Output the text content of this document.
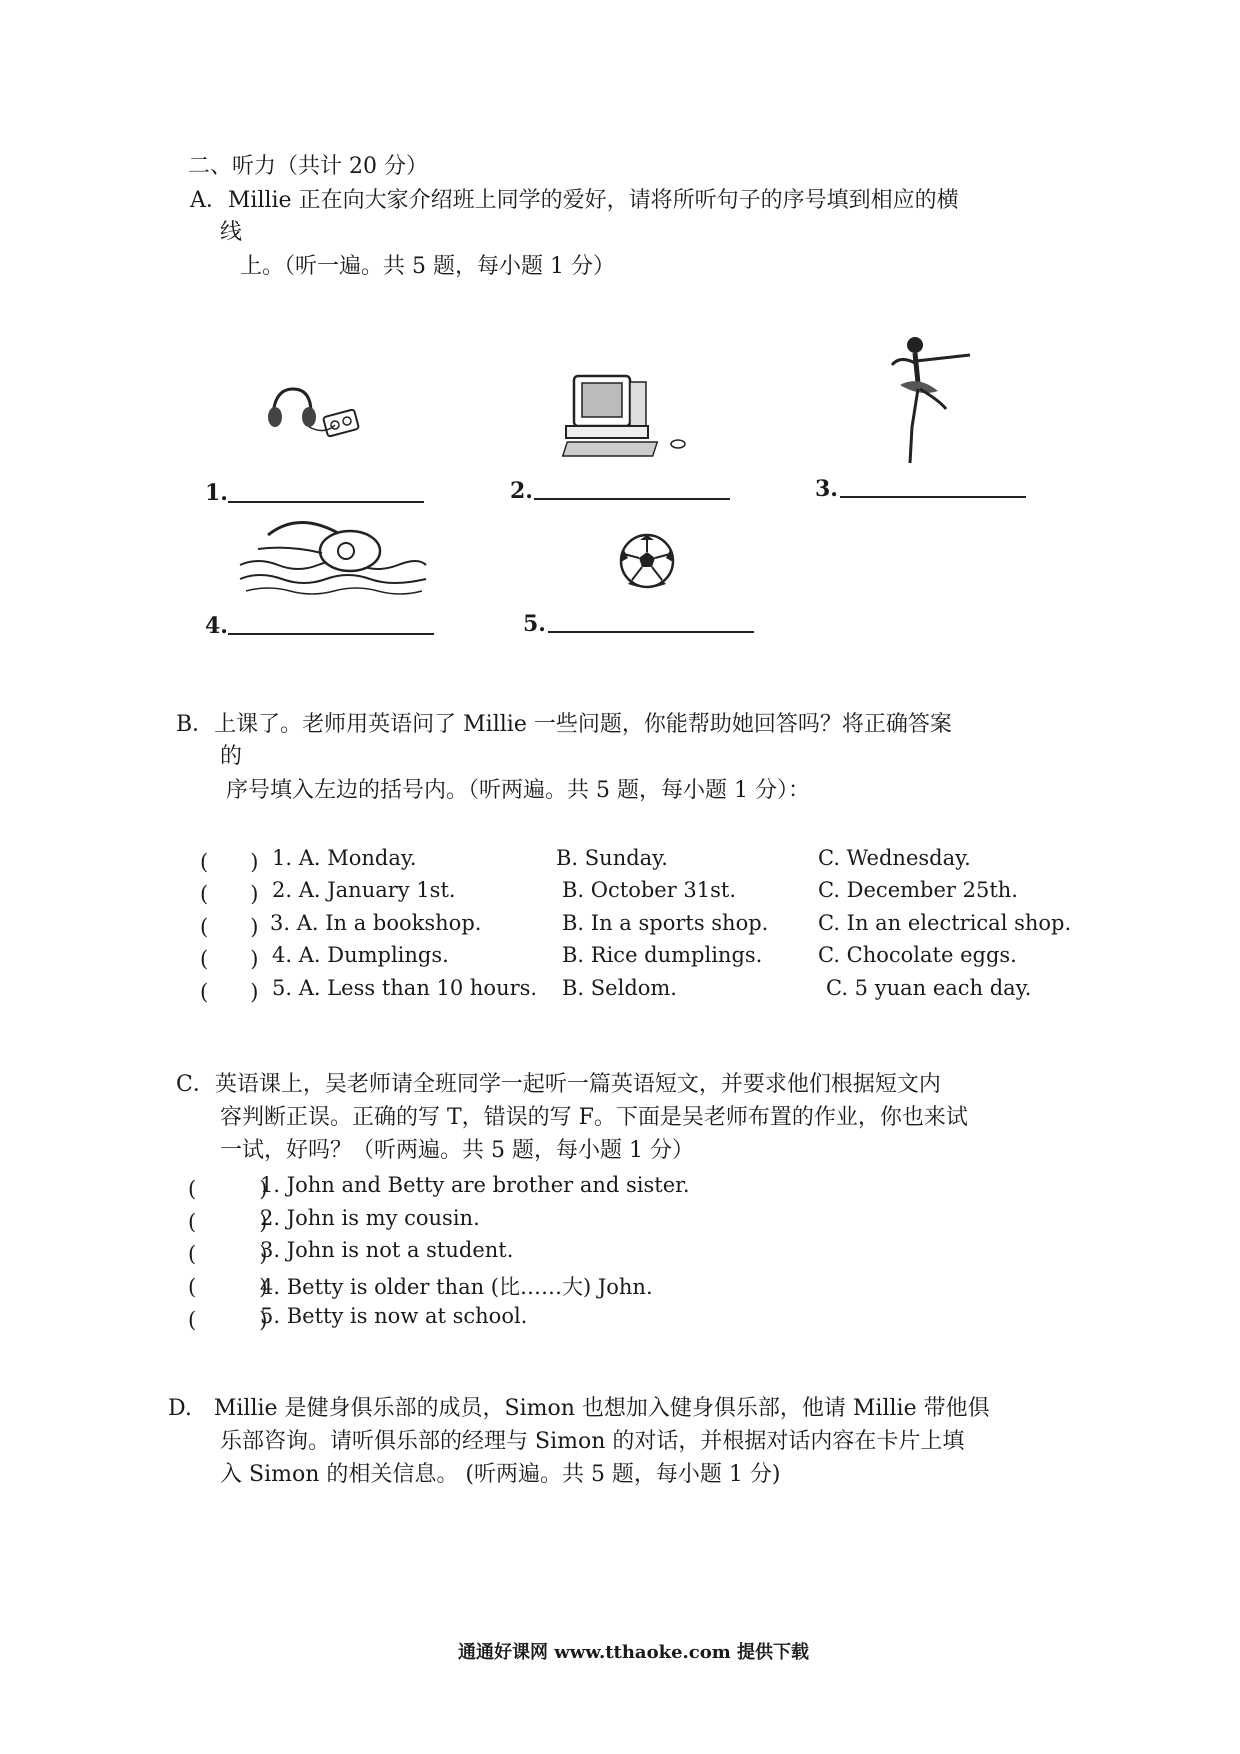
二、听力（共计 20 分）
A．Millie 正在向大家介绍班上同学的爱好，请将所听句子的序号填到相应的横
线
上。（听一遍。共 5 题，每小题 1 分）
1.	2.	3.
4.	5.
B．上课了。老师用英语问了 Millie 一些问题，你能帮助她回答吗？将正确答案
的
序号填入左边的括号内。（听两遍。共 5 题，每小题 1 分）：
(　　) 1. A. Monday.	B. Sunday.	C. Wednesday.
(　　) 2. A. January 1st.	B. October 31st.	C. December 25th.
(　　) 3. A. In a bookshop.	B. In a sports shop. C. In an electrical shop.
(　　) 4. A. Dumplings.	B. Rice dumplings.	C. Chocolate eggs.
(　　) 5. A. Less than 10 hours. B. Seldom.	C. 5 yuan each day.
C．英语课上，吴老师请全班同学一起听一篇英语短文，并要求他们根据短文内
容判断正误。正确的写 T，错误的写 F。下面是吴老师布置的作业，你也来试
一试，好吗？（听两遍。共 5 题，每小题 1 分）
(　　　)
1. John and Betty are brother and sister.
(　　　)
2. John is my cousin.
(　　　)
3. John is not a student.
(　　　)
4. Betty is older than (比……大) John.
(　　　)
5. Betty is now at school.
D.　Millie 是健身俱乐部的成员，Simon 也想加入健身俱乐部，他请 Millie 带他俱
乐部咨询。请听俱乐部的经理与 Simon 的对话，并根据对话内容在卡片上填
入 Simon 的相关信息。 (听两遍。共 5 题，每小题 1 分)
通通好课网 www.tthaoke.com 提供下载
